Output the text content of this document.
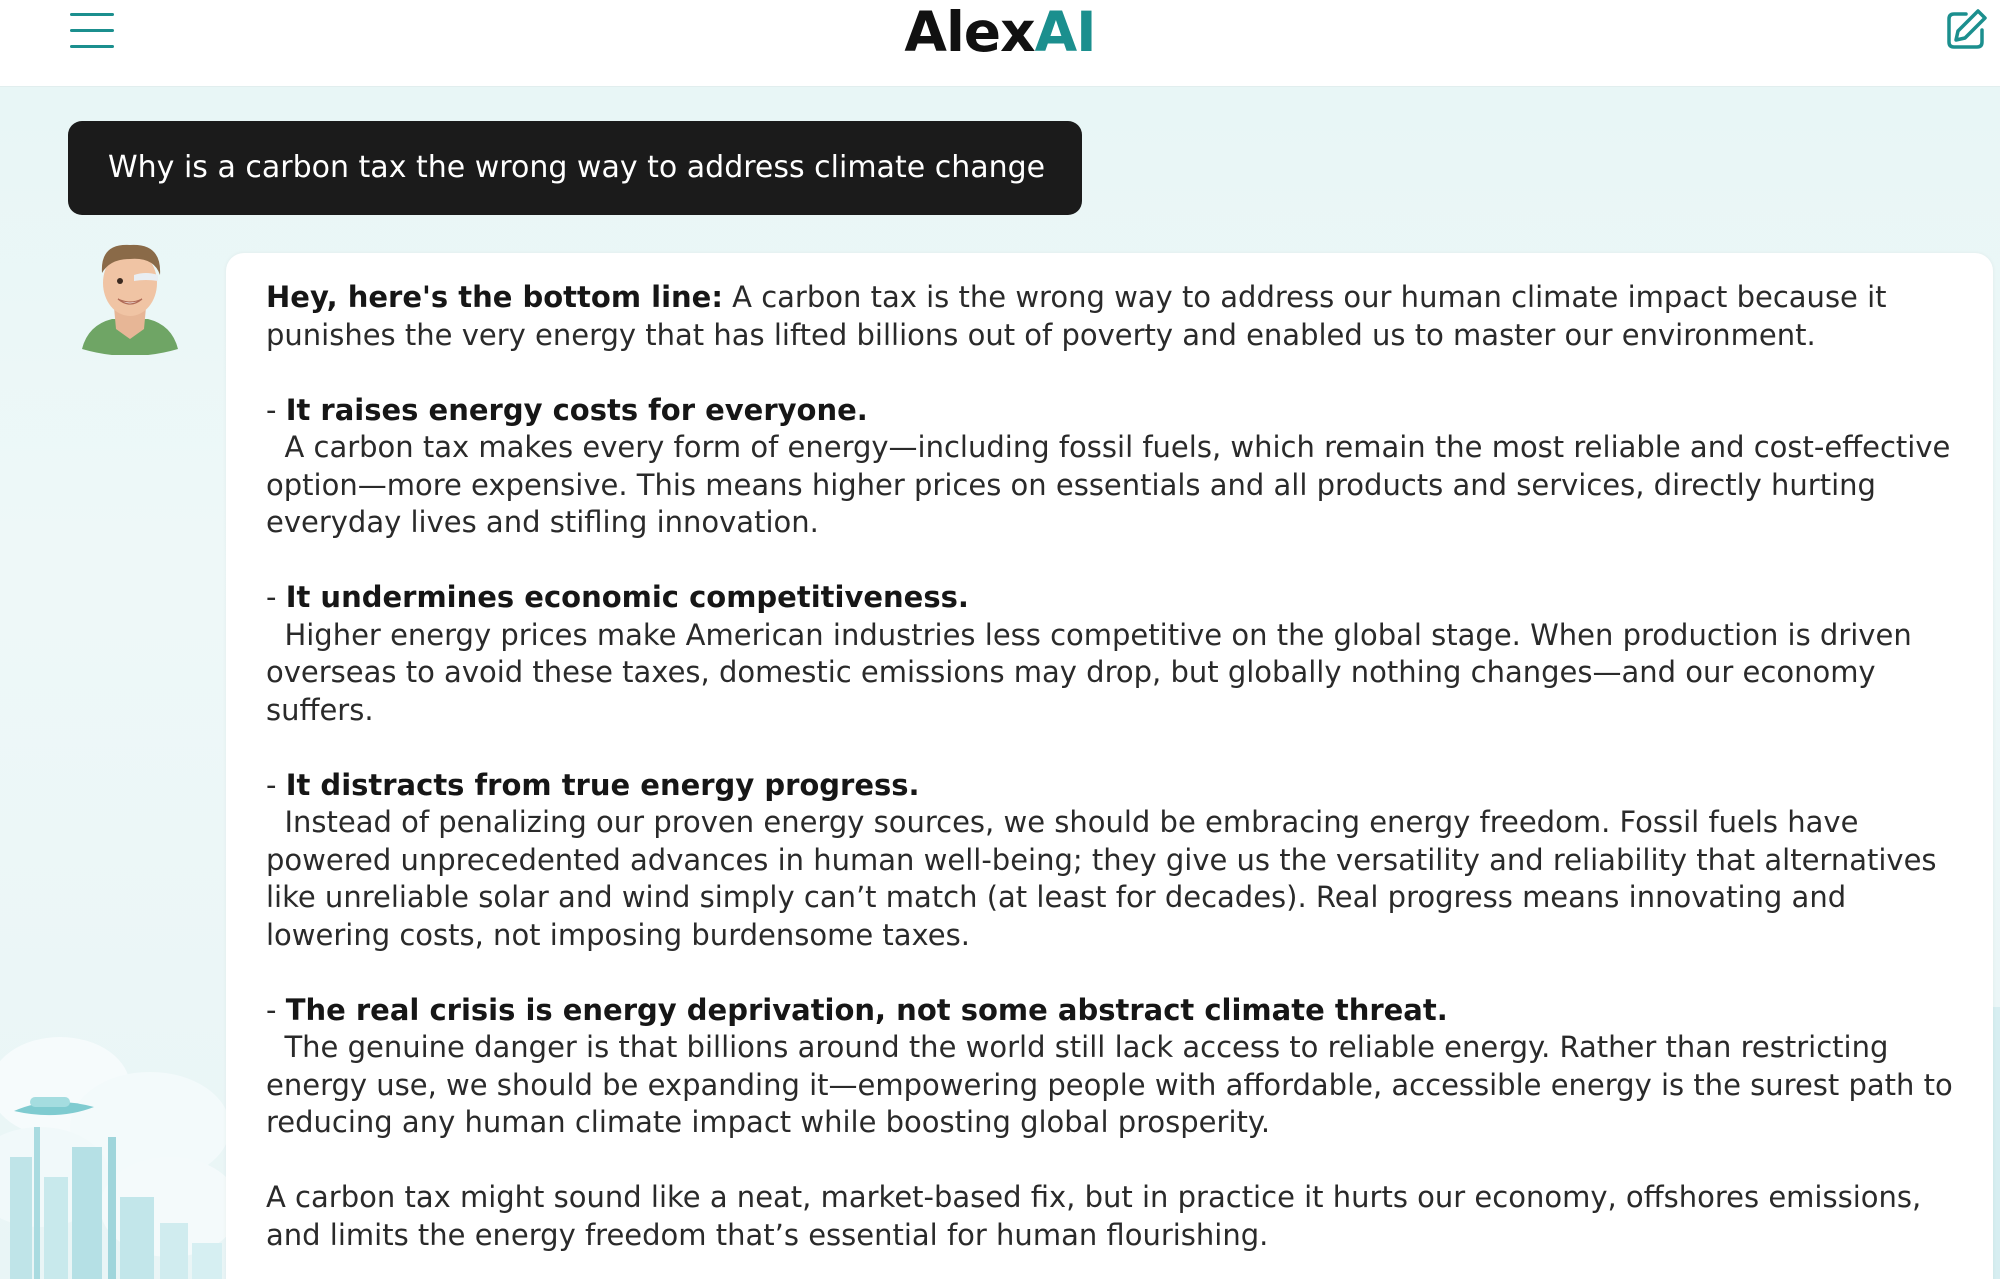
AlexAI
Why is a carbon tax the wrong way to address climate change

Hey, here's the bottom line: A carbon tax is the wrong way to address our human climate impact because it punishes the very energy that has lifted billions out of poverty and enabled us to master our environment.

- It raises energy costs for everyone.

A carbon tax makes every form of energy—including fossil fuels, which remain the most reliable and cost-effective option—more expensive. This means higher prices on essentials and all products and services, directly hurting everyday lives and stifling innovation.

- It undermines economic competitiveness.

Higher energy prices make American industries less competitive on the global stage. When production is driven overseas to avoid these taxes, domestic emissions may drop, but globally nothing changes—and our economy suffers.

- It distracts from true energy progress.

Instead of penalizing our proven energy sources, we should be embracing energy freedom. Fossil fuels have powered unprecedented advances in human well-being; they give us the versatility and reliability that alternatives like unreliable solar and wind simply can’t match (at least for decades). Real progress means innovating and lowering costs, not imposing burdensome taxes.

- The real crisis is energy deprivation, not some abstract climate threat.

The genuine danger is that billions around the world still lack access to reliable energy. Rather than restricting energy use, we should be expanding it—empowering people with affordable, accessible energy is the surest path to reducing any human climate impact while boosting global prosperity.

A carbon tax might sound like a neat, market-based fix, but in practice it hurts our economy, offshores emissions, and limits the energy freedom that’s essential for human flourishing.
